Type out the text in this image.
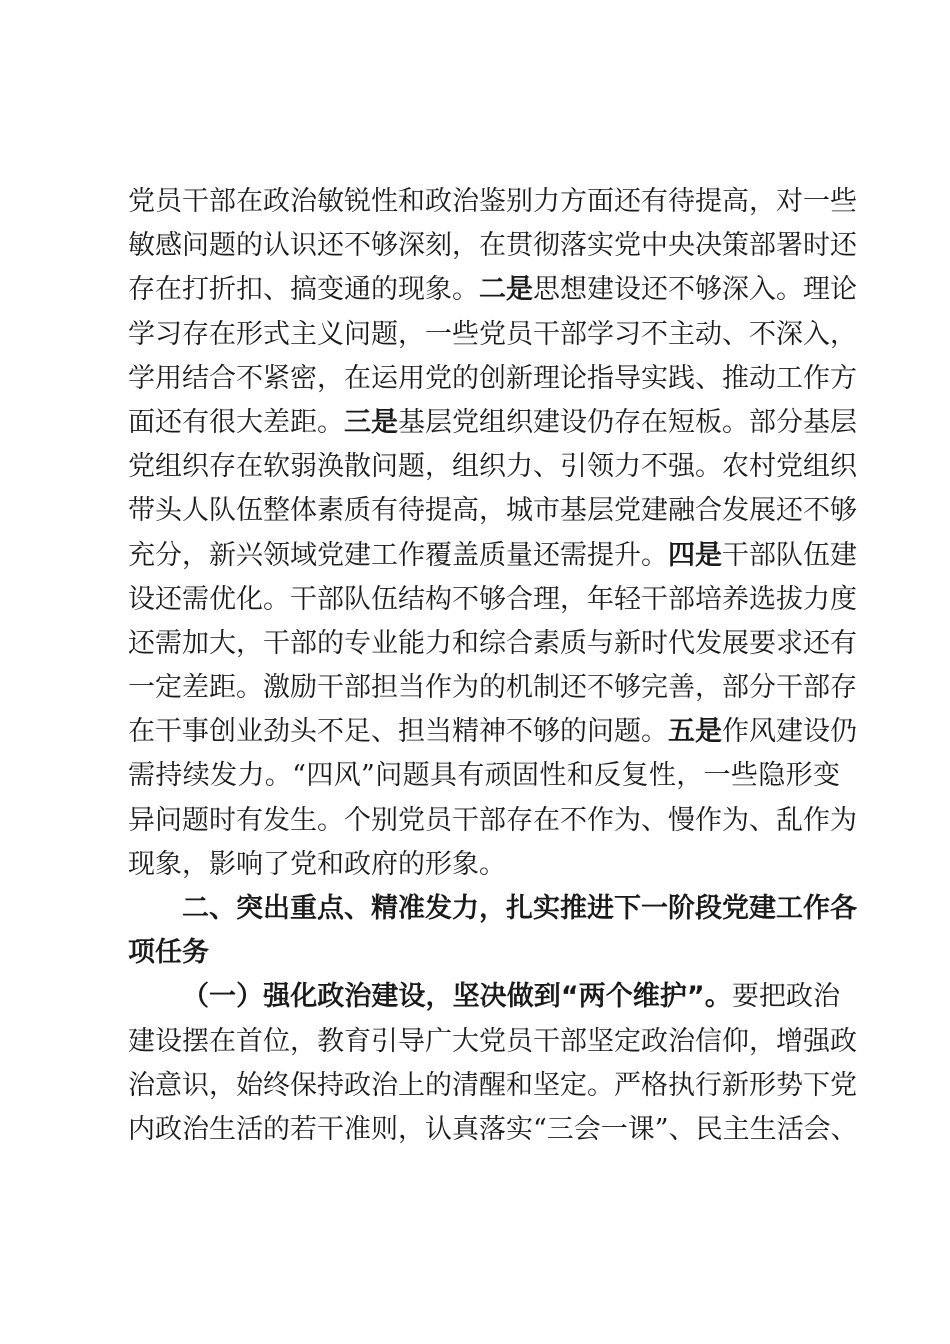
党员干部在政治敏锐性和政治鉴别力方面还有待提高，对一些
敏感问题的认识还不够深刻，在贯彻落实党中央决策部署时还
存在打折扣、搞变通的现象。二是思想建设还不够深入。理论
学习存在形式主义问题，一些党员干部学习不主动、不深入，
学用结合不紧密，在运用党的创新理论指导实践、推动工作方
面还有很大差距。三是基层党组织建设仍存在短板。部分基层
党组织存在软弱涣散问题，组织力、引领力不强。农村党组织
带头人队伍整体素质有待提高，城市基层党建融合发展还不够
充分，新兴领域党建工作覆盖质量还需提升。四是干部队伍建
设还需优化。干部队伍结构不够合理，年轻干部培养选拔力度
还需加大，干部的专业能力和综合素质与新时代发展要求还有
一定差距。激励干部担当作为的机制还不够完善，部分干部存
在干事创业劲头不足、担当精神不够的问题。五是作风建设仍
需持续发力。“四风”问题具有顽固性和反复性，一些隐形变
异问题时有发生。个别党员干部存在不作为、慢作为、乱作为
现象，影响了党和政府的形象。
二、突出重点、精准发力，扎实推进下一阶段党建工作各
项任务
（一）强化政治建设，坚决做到“两个维护”。要把政治
建设摆在首位，教育引导广大党员干部坚定政治信仰，增强政
治意识，始终保持政治上的清醒和坚定。严格执行新形势下党
内政治生活的若干准则，认真落实“三会一课”、民主生活会、
